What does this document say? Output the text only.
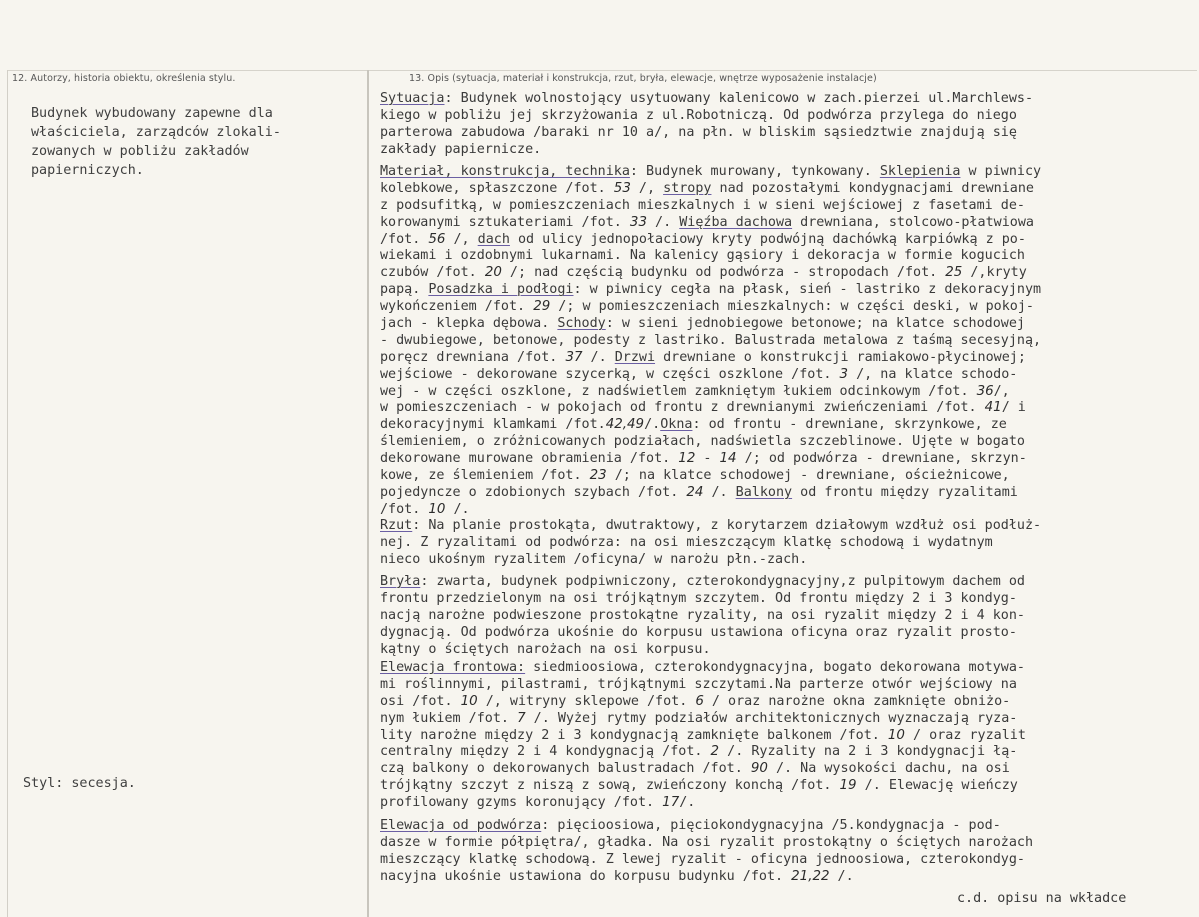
12. Autorzy, historia obiektu, określenia stylu.	13. Opis (sytuacja, materiał i konstrukcja, rzut, bryła, elewacje, wnętrze wyposażenie instalacje)
Budynek wybudowany zapewne dla
właściciela, zarządców zlokali-
zowanych w pobliżu zakładów
papierniczych.
Styl: secesja.
Sytuacja: Budynek wolnostojący usytuowany kalenicowo w zach.pierzei ul.Marchlews-
kiego w pobliżu jej skrzyżowania z ul.Robotniczą. Od podwórza przylega do niego
parterowa zabudowa /baraki nr 10 a/, na płn. w bliskim sąsiedztwie znajdują się
zakłady papiernicze.
Materiał, konstrukcja, technika: Budynek murowany, tynkowany. Sklepienia w piwnicy
kolebkowe, spłaszczone /fot. 53 /, stropy nad pozostałymi kondygnacjami drewniane
z podsufitką, w pomieszczeniach mieszkalnych i w sieni wejściowej z fasetami de-
korowanymi sztukateriami /fot. 33 /. Więźba dachowa drewniana, stolcowo-płatwiowa
/fot. 56 /, dach od ulicy jednopołaciowy kryty podwójną dachówką karpiówką z po-
wiekami i ozdobnymi lukarnami. Na kalenicy gąsiory i dekoracja w formie kogucich
czubów /fot. 20 /; nad częścią budynku od podwórza - stropodach /fot. 25 /,kryty
papą. Posadzka i podłogi: w piwnicy cegła na płask, sień - lastriko z dekoracyjnym
wykończeniem /fot. 29 /; w pomieszczeniach mieszkalnych: w części deski, w pokoj-
jach - klepka dębowa. Schody: w sieni jednobiegowe betonowe; na klatce schodowej
- dwubiegowe, betonowe, podesty z lastriko. Balustrada metalowa z taśmą secesyjną,
poręcz drewniana /fot. 37 /. Drzwi drewniane o konstrukcji ramiakowo-płycinowej;
wejściowe - dekorowane szycerką, w części oszklone /fot. 3 /, na klatce schodo-
wej - w części oszklone, z nadświetlem zamkniętym łukiem odcinkowym /fot. 36/,
w pomieszczeniach - w pokojach od frontu z drewnianymi zwieńczeniami /fot. 41/ i
dekoracyjnymi klamkami /fot.42,49/.Okna: od frontu - drewniane, skrzynkowe, ze
ślemieniem, o zróżnicowanych podziałach, nadświetla szczeblinowe. Ujęte w bogato
dekorowane murowane obramienia /fot. 12 - 14 /; od podwórza - drewniane, skrzyn-
kowe, ze ślemieniem /fot. 23 /; na klatce schodowej - drewniane, ościeżnicowe,
pojedyncze o zdobionych szybach /fot. 24 /. Balkony od frontu między ryzalitami
/fot. 10 /.
Rzut: Na planie prostokąta, dwutraktowy, z korytarzem działowym wzdłuż osi podłuż-
nej. Z ryzalitami od podwórza: na osi mieszczącym klatkę schodową i wydatnym
nieco ukośnym ryzalitem /oficyna/ w narożu płn.-zach.
Bryła: zwarta, budynek podpiwniczony, czterokondygnacyjny,z pulpitowym dachem od
frontu przedzielonym na osi trójkątnym szczytem. Od frontu między 2 i 3 kondyg-
nacją narożne podwieszone prostokątne ryzality, na osi ryzalit między 2 i 4 kon-
dygnacją. Od podwórza ukośnie do korpusu ustawiona oficyna oraz ryzalit prosto-
kątny o ściętych narożach na osi korpusu.
Elewacja frontowa: siedmioosiowa, czterokondygnacyjna, bogato dekorowana motywa-
mi roślinnymi, pilastrami, trójkątnymi szczytami.Na parterze otwór wejściowy na
osi /fot. 10 /, witryny sklepowe /fot. 6 / oraz narożne okna zamknięte obniżo-
nym łukiem /fot. 7 /. Wyżej rytmy podziałów architektonicznych wyznaczają ryza-
lity narożne między 2 i 3 kondygnacją zamknięte balkonem /fot. 10 / oraz ryzalit
centralny między 2 i 4 kondygnacją /fot. 2 /. Ryzality na 2 i 3 kondygnacji łą-
czą balkony o dekorowanych balustradach /fot. 90 /. Na wysokości dachu, na osi
trójkątny szczyt z niszą z sową, zwieńczony konchą /fot. 19 /. Elewację wieńczy
profilowany gzyms koronujący /fot. 17/.
Elewacja od podwórza: pięcioosiowa, pięciokondygnacyjna /5.kondygnacja - pod-
dasze w formie półpiętra/, gładka. Na osi ryzalit prostokątny o ściętych narożach
mieszczący klatkę schodową. Z lewej ryzalit - oficyna jednoosiowa, czterokondyg-
nacyjna ukośnie ustawiona do korpusu budynku /fot. 21,22 /.
c.d. opisu na wkładce
